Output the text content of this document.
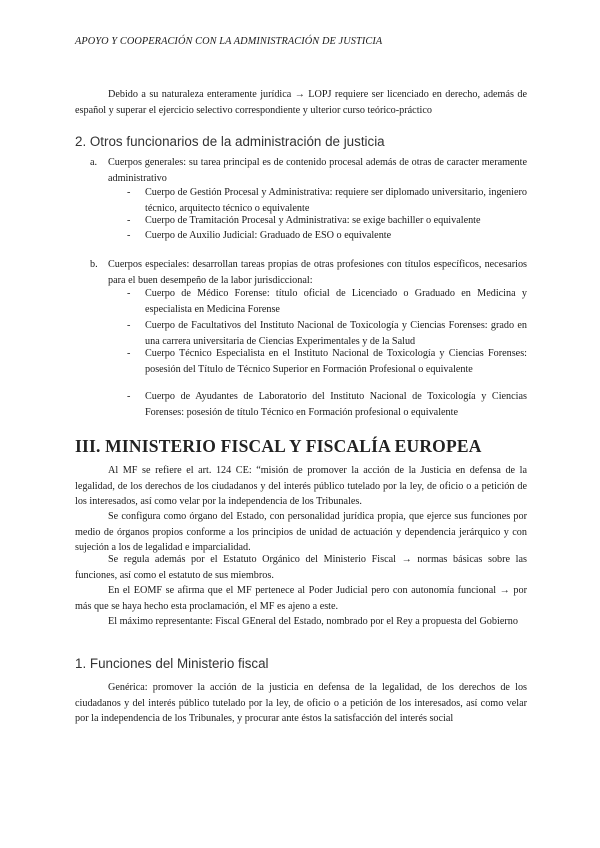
APOYO Y COOPERACIÓN CON LA ADMINISTRACIÓN DE JUSTICIA

Debido a su naturaleza enteramente jurídica → LOPJ requiere ser licenciado en derecho, además de español y superar el ejercicio selectivo correspondiente y ulterior curso teórico-práctico

2. Otros funcionarios de la administración de justicia
a. Cuerpos generales: su tarea principal es de contenido procesal además de otras de caracter meramente administrativo
- Cuerpo de Gestión Procesal y Administrativa: requiere ser diplomado universitario, ingeniero técnico, arquitecto técnico o equivalente
- Cuerpo de Tramitación Procesal y Administrativa: se exige bachiller o equivalente
- Cuerpo de Auxilio Judicial: Graduado de ESO o equivalente
b. Cuerpos especiales: desarrollan tareas propias de otras profesiones con títulos específicos, necesarios para el buen desempeño de la labor jurisdiccional:
- Cuerpo de Médico Forense: título oficial de Licenciado o Graduado en Medicina y especialista en Medicina Forense
- Cuerpo de Facultativos del Instituto Nacional de Toxicología y Ciencias Forenses: grado en una carrera universitaria de Ciencias Experimentales y de la Salud
- Cuerpo Técnico Especialista en el Instituto Nacional de Toxicología y Ciencias Forenses: posesión del Título de Técnico Superior en Formación Profesional o equivalente
- Cuerpo de Ayudantes de Laboratorio del Instituto Nacional de Toxicología y Ciencias Forenses: posesión de título Técnico en Formación profesional o equivalente
III. MINISTERIO FISCAL Y FISCALÍA EUROPEA

Al MF se refiere el art. 124 CE: “misión de promover la acción de la Justicia en defensa de la legalidad, de los derechos de los ciudadanos y del interés público tutelado por la ley, de oficio o a petición de los interesados, así como velar por la independencia de los Tribunales.

Se configura como órgano del Estado, con personalidad jurídica propia, que ejerce sus funciones por medio de órganos propios conforme a los principios de unidad de actuación y dependencia jerárquico y con sujeción a los de legalidad e imparcialidad.

Se regula además por el Estatuto Orgánico del Ministerio Fiscal → normas básicas sobre las funciones, así como el estatuto de sus miembros.

En el EOMF se afirma que el MF pertenece al Poder Judicial pero con autonomía funcional → por más que se haya hecho esta proclamación, el MF es ajeno a este.

El máximo representante: Fiscal GEneral del Estado, nombrado por el Rey a propuesta del Gobierno

1. Funciones del Ministerio fiscal

Genérica: promover la acción de la justicia en defensa de la legalidad, de los derechos de los ciudadanos y del interés público tutelado por la ley, de oficio o a petición de los interesados, así como velar por la independencia de los Tribunales, y procurar ante éstos la satisfacción del interés social
